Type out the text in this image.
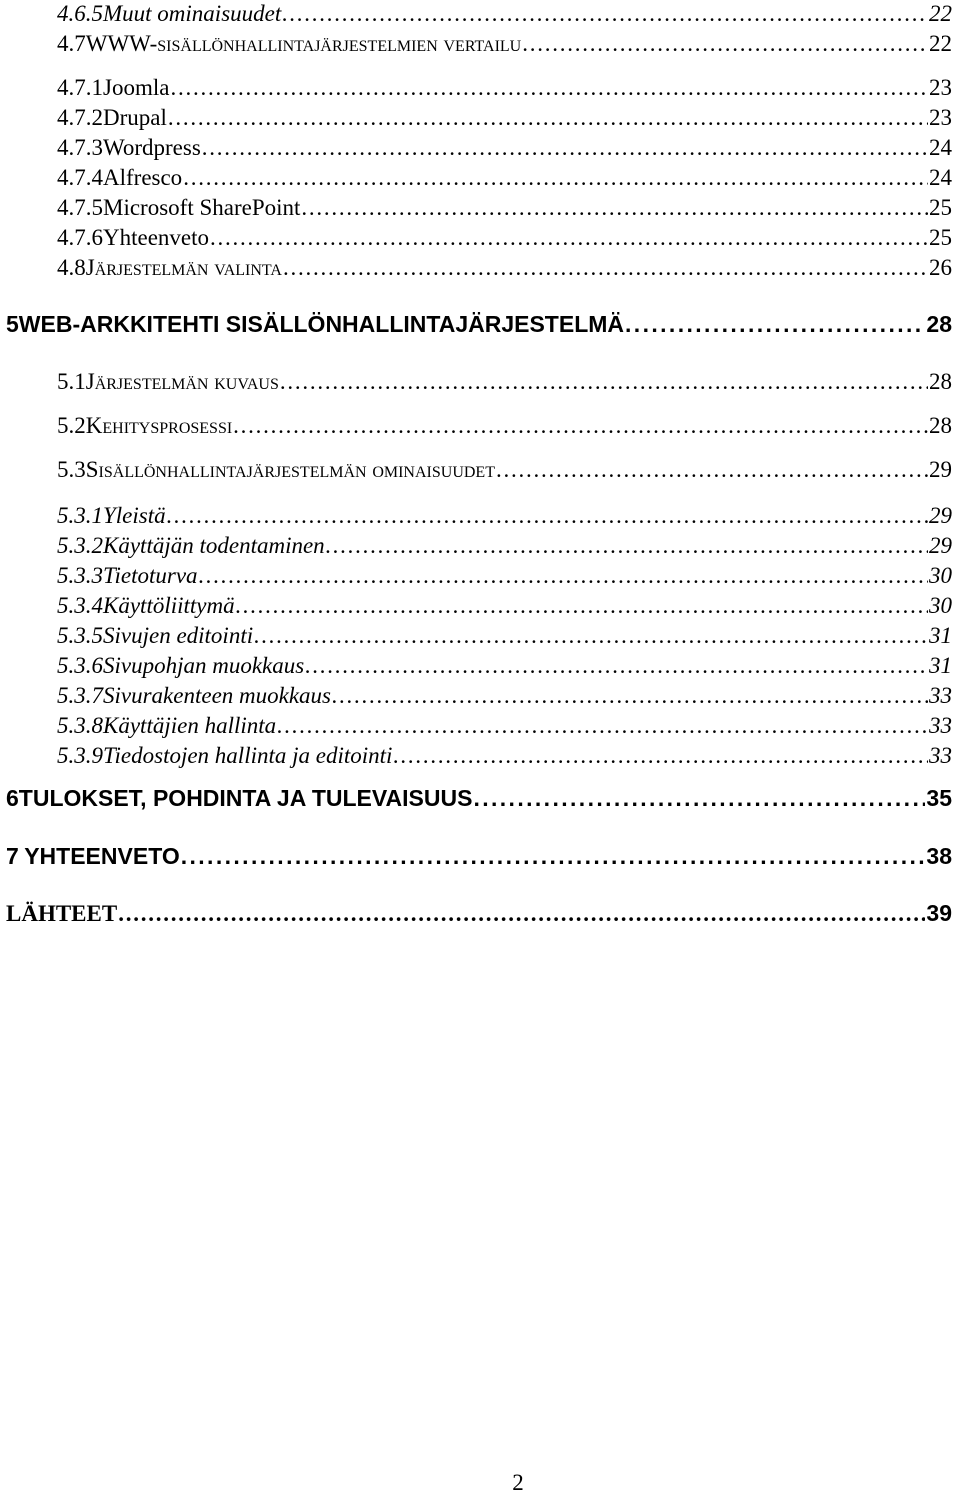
4.6.5 Muut ominaisuudet . . .	22
4.7 WWW-sisällönhallintajärjestelmien vertailu . . .	22
4.7.1 Joomla . . .	23
4.7.2 Drupal . . .	23
4.7.3 Wordpress . . .	24
4.7.4 Alfresco . . .	24
4.7.5 Microsoft SharePoint . . .	25
4.7.6 Yhteenveto . . .	25
4.8 Järjestelmän valinta . . .	26
5 WEB-ARKKITEHTI SISÄLLÖNHALLINTAJÄRJESTELMÄ . . .	28
5.1 Järjestelmän kuvaus . . .	28
5.2 Kehitysprosessi . . .	28
5.3 Sisällönhallintajärjestelmän ominaisuudet . . .	29
5.3.1 Yleistä . . .	29
5.3.2 Käyttäjän todentaminen . . .	29
5.3.3 Tietoturva . . .	30
5.3.4 Käyttöliittymä . . .	30
5.3.5 Sivujen editointi . . .	31
5.3.6 Sivupohjan muokkaus . . .	31
5.3.7 Sivurakenteen muokkaus . . .	33
5.3.8 Käyttäjien hallinta . . .	33
5.3.9 Tiedostojen hallinta ja editointi . . .	33
6 TULOKSET, POHDINTA JA TULEVAISUUS . . .	35
7 YHTEENVETO . . .	38
LÄHTEET . . .	39
2
